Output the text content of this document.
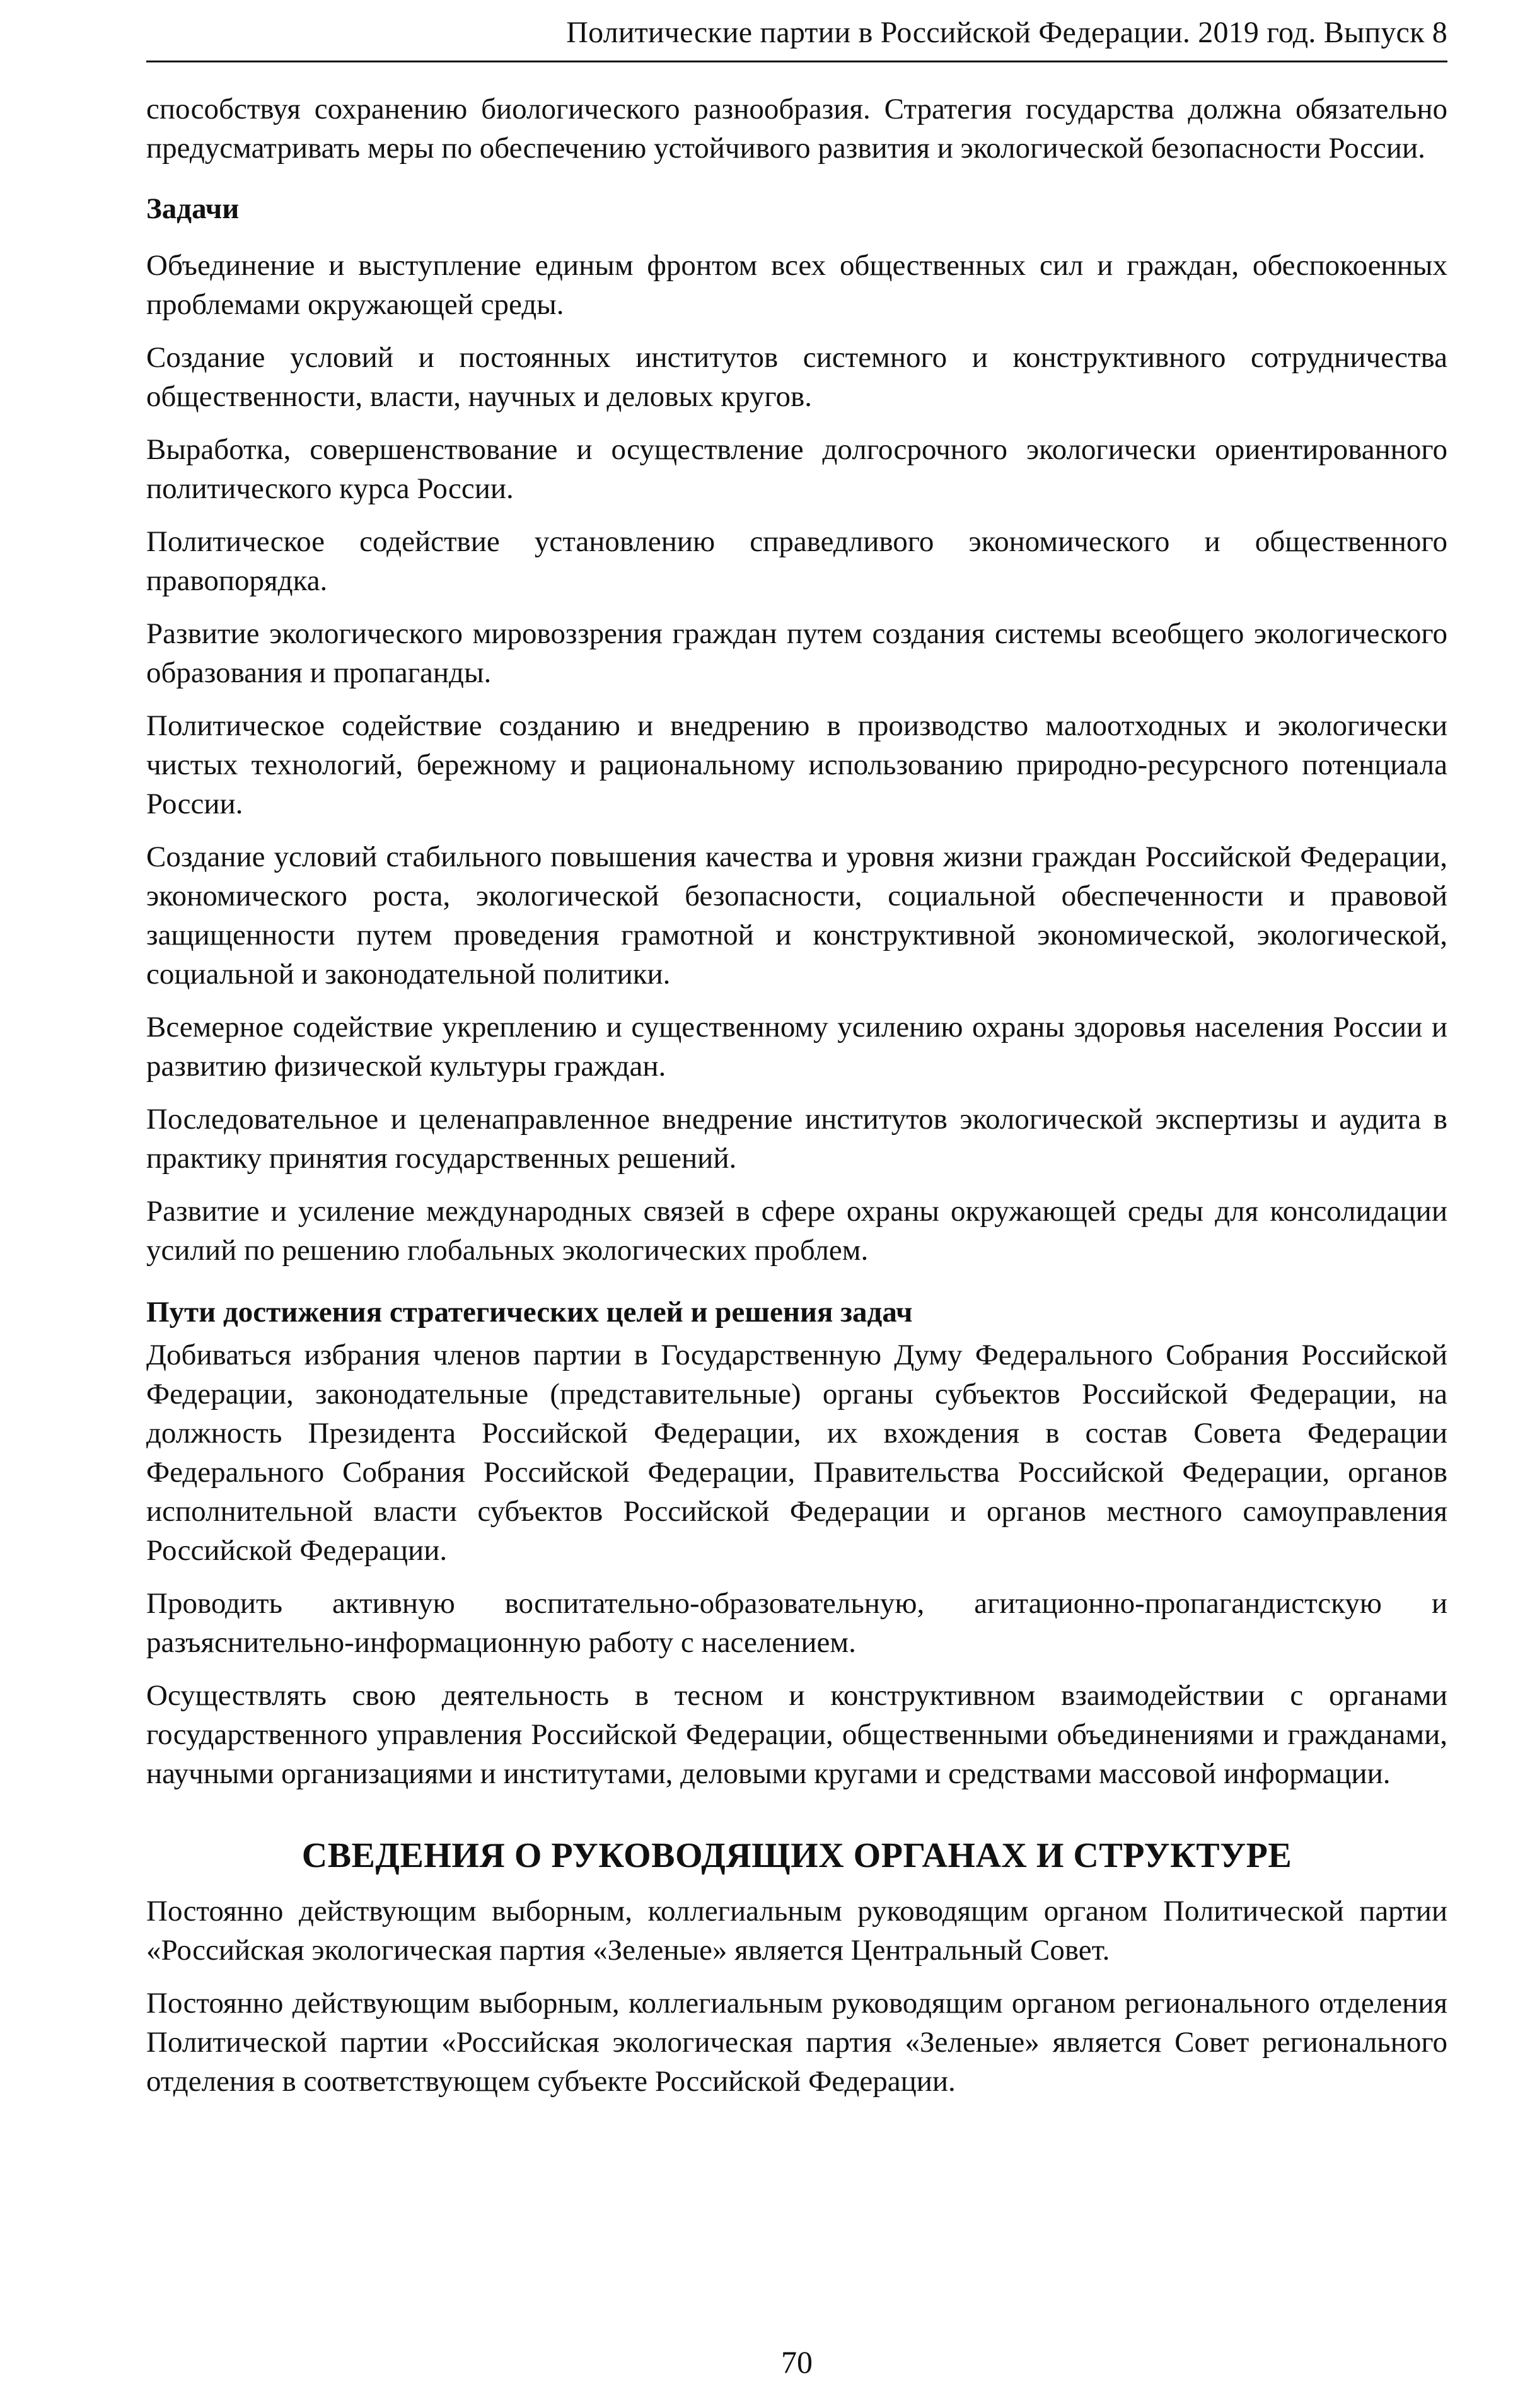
Политические партии в Российской Федерации. 2019 год. Выпуск 8

способствуя сохранению биологического разнообразия. Стратегия государства должна обязательно предусматривать меры по обеспечению устойчивого развития и экологической безопасности России.

Задачи

Объединение и выступление единым фронтом всех общественных сил и граждан, обеспокоенных проблемами окружающей среды.

Создание условий и постоянных институтов системного и конструктивного сотрудничества общественности, власти, научных и деловых кругов.

Выработка, совершенствование и осуществление долгосрочного экологически ориентированного политического курса России.

Политическое содействие установлению справедливого экономического и общественного правопорядка.

Развитие экологического мировоззрения граждан путем создания системы всеобщего экологического образования и пропаганды.

Политическое содействие созданию и внедрению в производство малоотходных и экологически чистых технологий, бережному и рациональному использованию природно-ресурсного потенциала России.

Создание условий стабильного повышения качества и уровня жизни граждан Российской Федерации, экономического роста, экологической безопасности, социальной обеспеченности и правовой защищенности путем проведения грамотной и конструктивной экономической, экологической, социальной и законодательной политики.

Всемерное содействие укреплению и существенному усилению охраны здоровья населения России и развитию физической культуры граждан.

Последовательное и целенаправленное внедрение институтов экологической экспертизы и аудита в практику принятия государственных решений.

Развитие и усиление международных связей в сфере охраны окружающей среды для консолидации усилий по решению глобальных экологических проблем.

Пути достижения стратегических целей и решения задач

Добиваться избрания членов партии в Государственную Думу Федерального Собрания Российской Федерации, законодательные (представительные) органы субъектов Российской Федерации, на должность Президента Российской Федерации, их вхождения в состав Совета Федерации Федерального Собрания Российской Федерации, Правительства Российской Федерации, органов исполнительной власти субъектов Российской Федерации и органов местного самоуправления Российской Федерации.

Проводить активную воспитательно-образовательную, агитационно-пропагандистскую и разъяснительно-информационную работу с населением.

Осуществлять свою деятельность в тесном и конструктивном взаимодействии с органами государственного управления Российской Федерации, общественными объединениями и гражданами, научными организациями и институтами, деловыми кругами и средствами массовой информации.

СВЕДЕНИЯ О РУКОВОДЯЩИХ ОРГАНАХ И СТРУКТУРЕ

Постоянно действующим выборным, коллегиальным руководящим органом Политической партии «Российская экологическая партия «Зеленые» является Центральный Совет.

Постоянно действующим выборным, коллегиальным руководящим органом регионального отделения Политической партии «Российская экологическая партия «Зеленые» является Совет регионального отделения в соответствующем субъекте Российской Федерации.

70
